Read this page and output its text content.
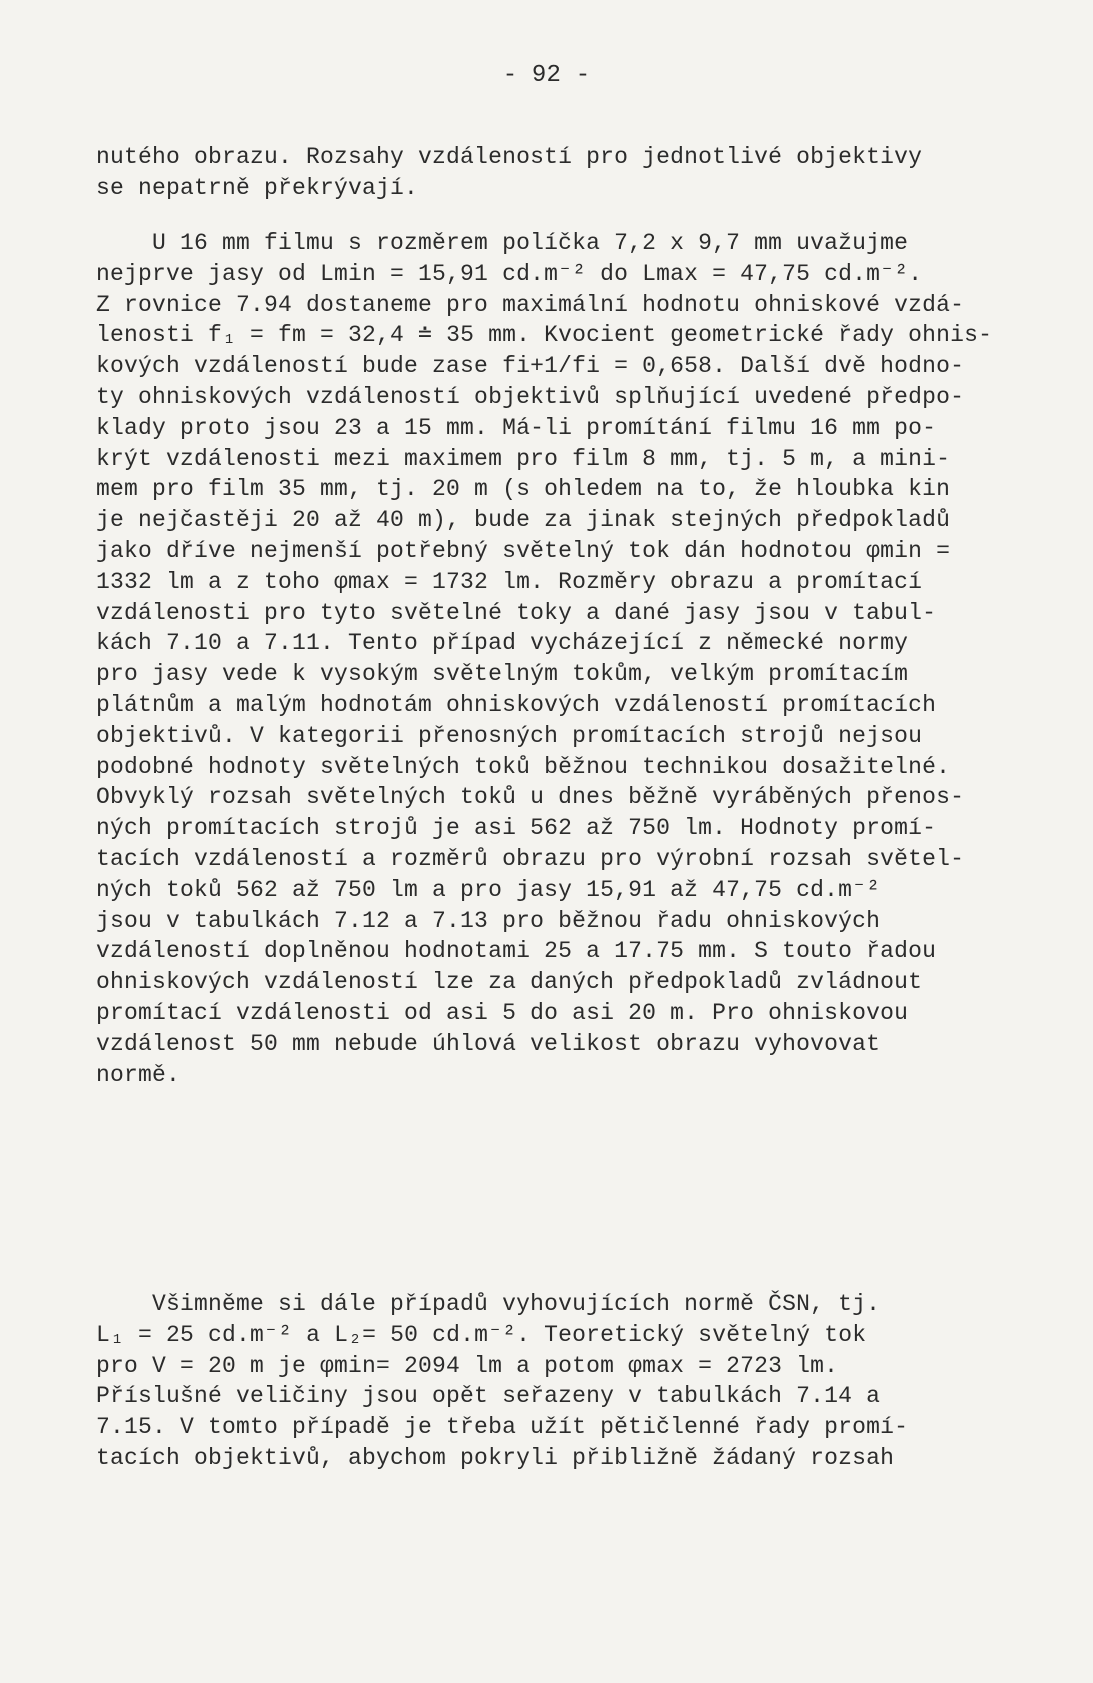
- 92 -
nutého obrazu. Rozsahy vzdáleností pro jednotlivé objektivy
se nepatrně překrývají.
U 16 mm filmu s rozměrem políčka 7,2 x 9,7 mm uvažujme
nejprve jasy od Lmin = 15,91 cd.m⁻² do Lmax = 47,75 cd.m⁻².
Z rovnice 7.94 dostaneme pro maximální hodnotu ohniskové vzdá-
lenosti f₁ = fm = 32,4 ≐ 35 mm. Kvocient geometrické řady ohnis-
kových vzdáleností bude zase fi+1/fi = 0,658. Další dvě hodno-
ty ohniskových vzdáleností objektivů splňující uvedené předpo-
klady proto jsou 23 a 15 mm. Má-li promítání filmu 16 mm po-
krýt vzdálenosti mezi maximem pro film 8 mm, tj. 5 m, a mini-
mem pro film 35 mm, tj. 20 m (s ohledem na to, že hloubka kin
je nejčastěji 20 až 40 m), bude za jinak stejných předpokladů
jako dříve nejmenší potřebný světelný tok dán hodnotou φmin =
1332 lm a z toho φmax = 1732 lm. Rozměry obrazu a promítací
vzdálenosti pro tyto světelné toky a dané jasy jsou v tabul-
kách 7.10 a 7.11. Tento případ vycházející z německé normy
pro jasy vede k vysokým světelným tokům, velkým promítacím
plátnům a malým hodnotám ohniskových vzdáleností promítacích
objektivů. V kategorii přenosných promítacích strojů nejsou
podobné hodnoty světelných toků běžnou technikou dosažitelné.
Obvyklý rozsah světelných toků u dnes běžně vyráběných přenos-
ných promítacích strojů je asi 562 až 750 lm. Hodnoty promí-
tacích vzdáleností a rozměrů obrazu pro výrobní rozsah světel-
ných toků 562 až 750 lm a pro jasy 15,91 až 47,75 cd.m⁻²
jsou v tabulkách 7.12 a 7.13 pro běžnou řadu ohniskových
vzdáleností doplněnou hodnotami 25 a 17.75 mm. S touto řadou
ohniskových vzdáleností lze za daných předpokladů zvládnout
promítací vzdálenosti od asi 5 do asi 20 m. Pro ohniskovou
vzdálenost 50 mm nebude úhlová velikost obrazu vyhovovat
normě.
Všimněme si dále případů vyhovujících normě ČSN, tj.
L₁ = 25 cd.m⁻² a L₂= 50 cd.m⁻². Teoretický světelný tok
pro V = 20 m je φmin= 2094 lm a potom φmax = 2723 lm.
Příslušné veličiny jsou opět seřazeny v tabulkách 7.14 a
7.15. V tomto případě je třeba užít pětičlenné řady promí-
tacích objektivů, abychom pokryli přibližně žádaný rozsah
